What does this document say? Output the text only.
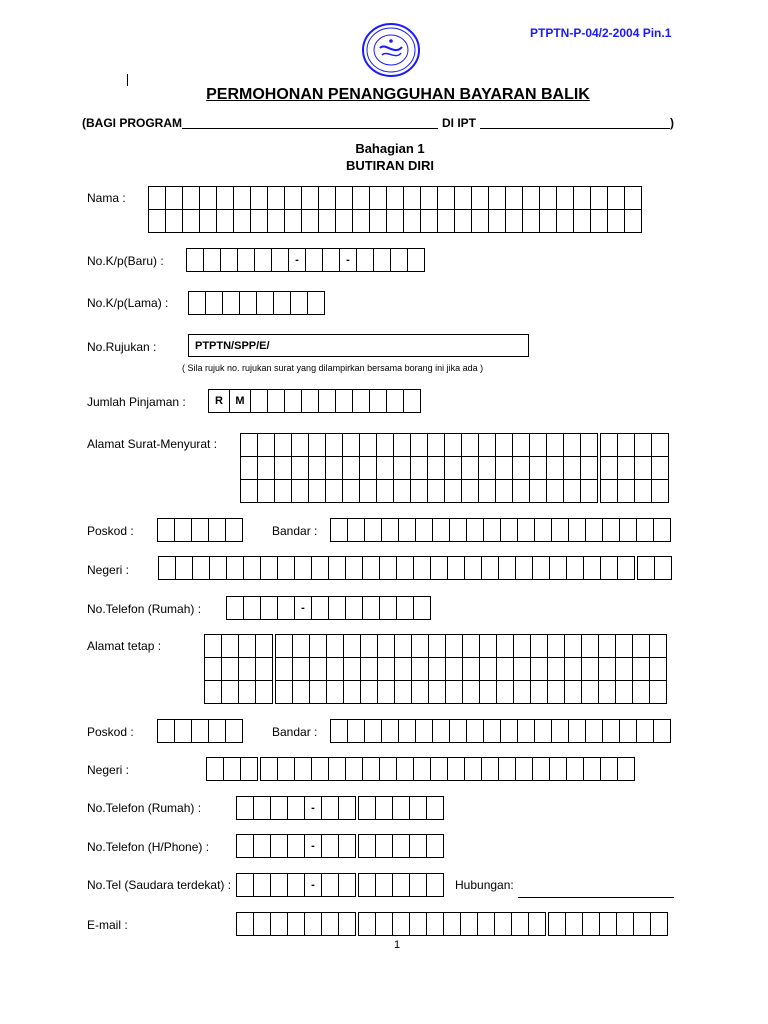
PTPTN-P-04/2-2004 Pin.1
PERMOHONAN PENANGGUHAN BAYARAN BALIK
(BAGI PROGRAM	DI IPT	)
Bahagian 1
BUTIRAN DIRI
Nama :
No.K/p(Baru) :	-	-
No.K/p(Lama) :
No.Rujukan :	PTPTN/SPP/E/
( Sila rujuk no. rujukan surat yang dilampirkan bersama borang ini jika ada )
Jumlah Pinjaman :	R	M
Alamat Surat-Menyurat :
Poskod :	Bandar :
Negeri :
No.Telefon (Rumah) :	-
Alamat tetap :
Poskod :	Bandar :
Negeri :
No.Telefon (Rumah) :	-
No.Telefon (H/Phone) :	-
No.Tel (Saudara terdekat) :	-	Hubungan:
E-mail :
1
